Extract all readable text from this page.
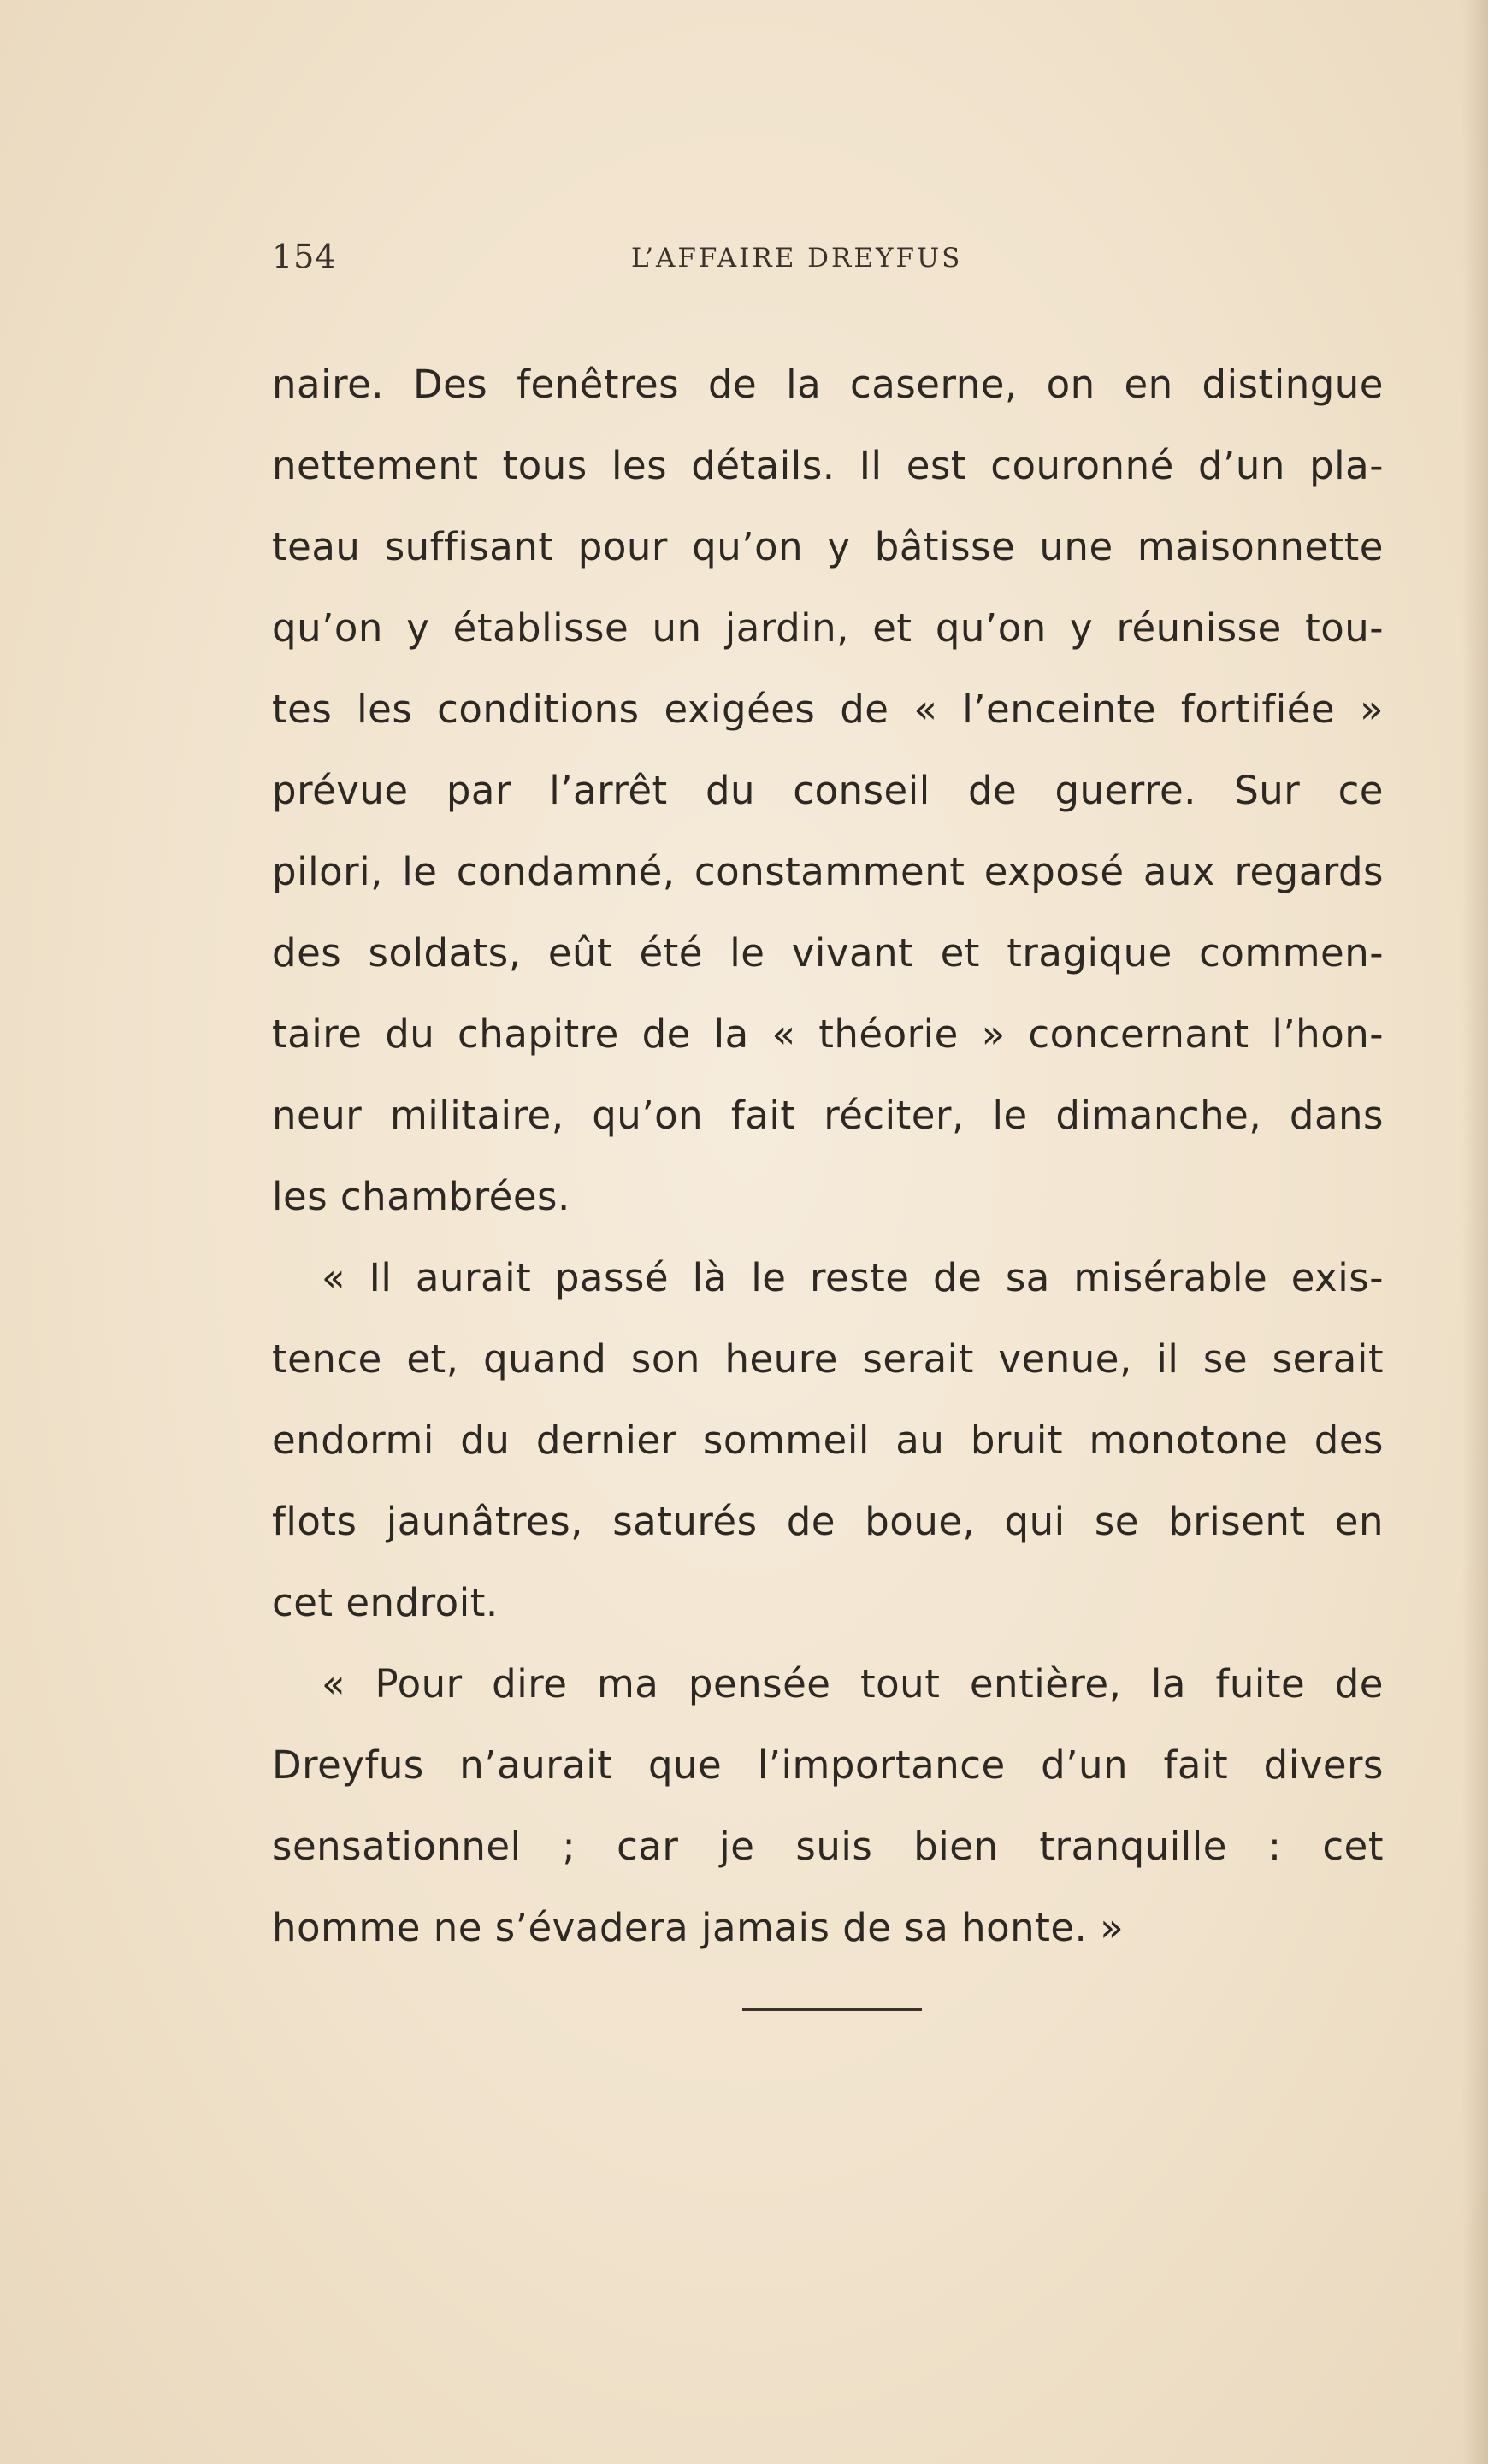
154	L’AFFAIRE DREYFUS
naire. Des fenêtres de la caserne, on en distingue
nettement tous les détails. Il est couronné d’un pla-
teau suffisant pour qu’on y bâtisse une maisonnette
qu’on y établisse un jardin, et qu’on y réunisse tou-
tes les conditions exigées de « l’enceinte fortifiée »
prévue par l’arrêt du conseil de guerre. Sur ce
pilori, le condamné, constamment exposé aux regards
des soldats, eût été le vivant et tragique commen-
taire du chapitre de la « théorie » concernant l’hon-
neur militaire, qu’on fait réciter, le dimanche, dans
les chambrées.
« Il aurait passé là le reste de sa misérable exis-
tence et, quand son heure serait venue, il se serait
endormi du dernier sommeil au bruit monotone des
flots jaunâtres, saturés de boue, qui se brisent en
cet endroit.
« Pour dire ma pensée tout entière, la fuite de
Dreyfus n’aurait que l’importance d’un fait divers
sensationnel ; car je suis bien tranquille : cet
homme ne s’évadera jamais de sa honte. »
